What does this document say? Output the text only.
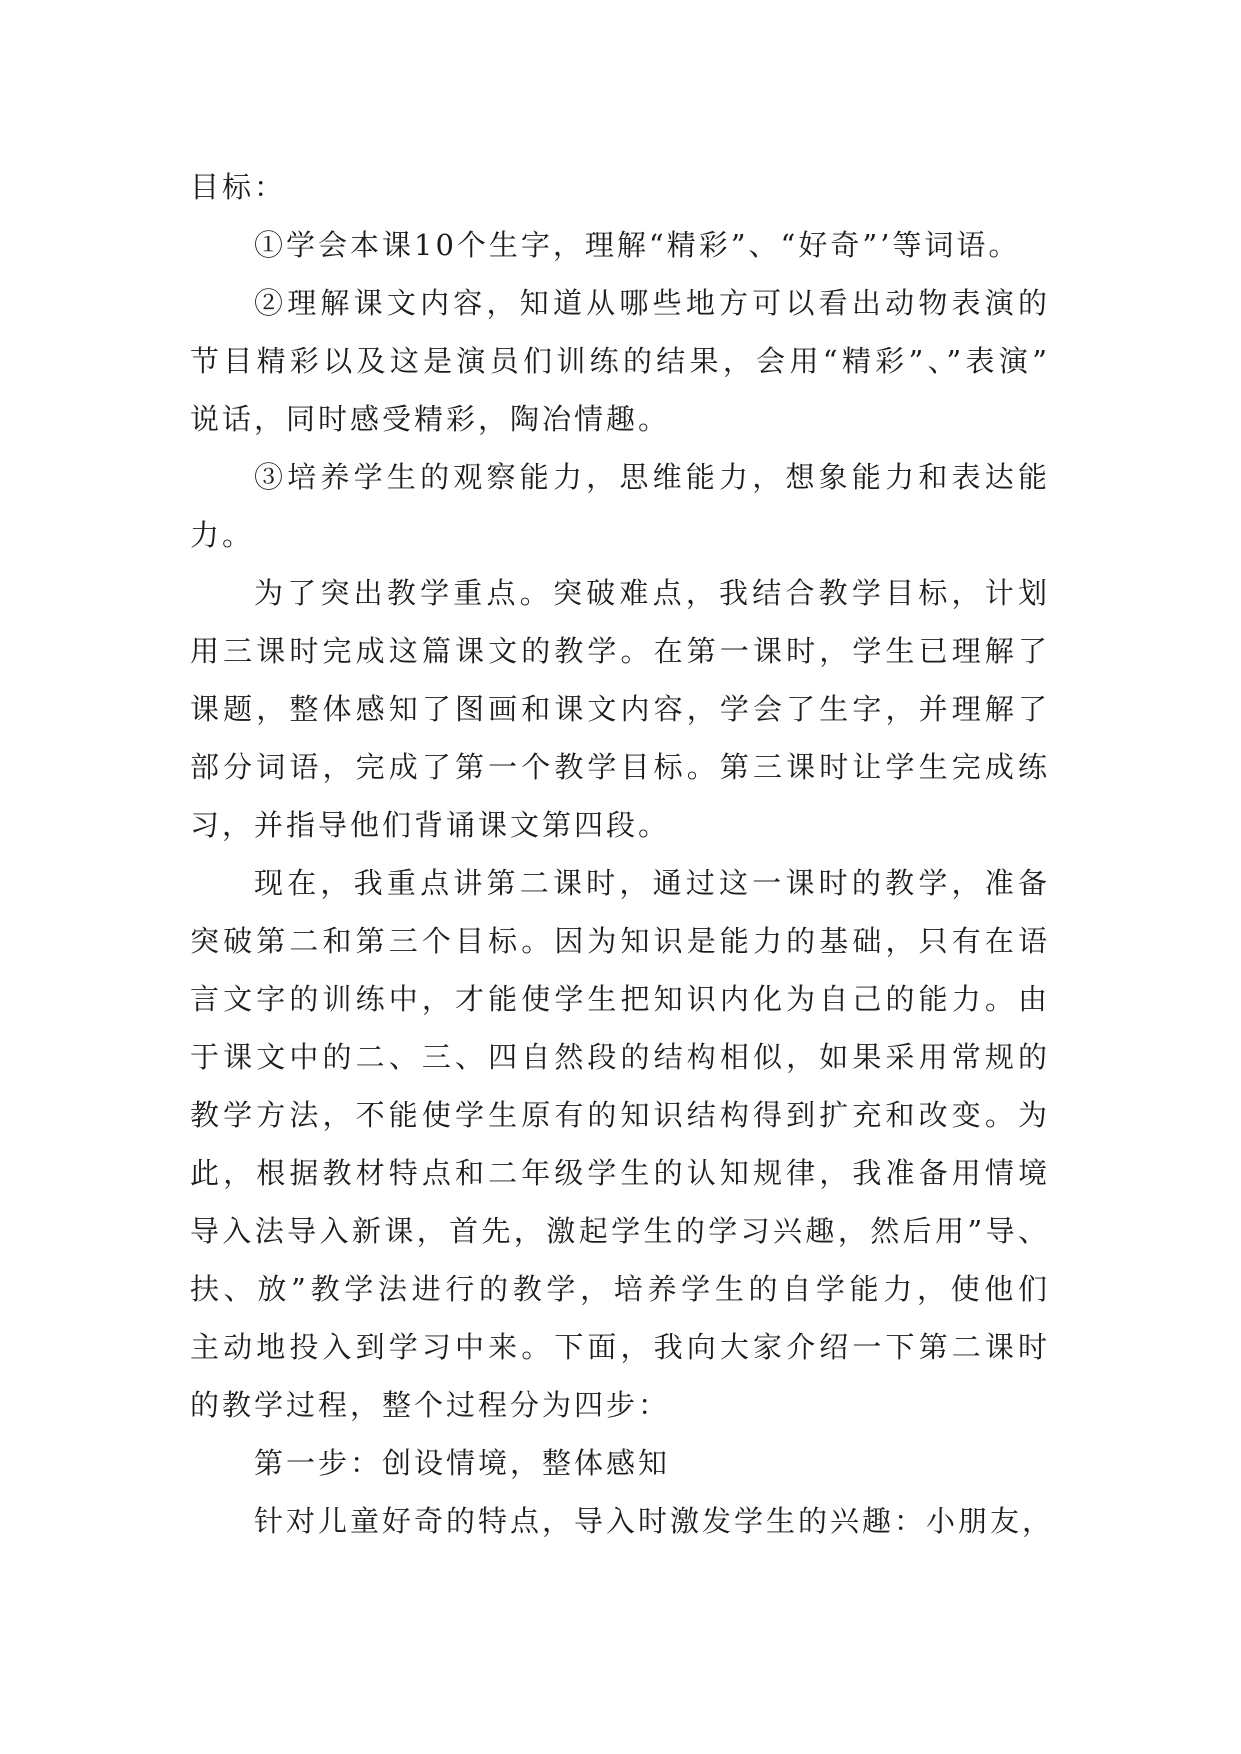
目标：
①学会本课10个生字，理解“精彩”、“好奇”’等词语。
②理解课文内容，知道从哪些地方可以看出动物表演的
节目精彩以及这是演员们训练的结果，会用“精彩”、”表演”
说话，同时感受精彩，陶冶情趣。
③培养学生的观察能力，思维能力，想象能力和表达能
力。
为了突出教学重点。突破难点，我结合教学目标，计划
用三课时完成这篇课文的教学。在第一课时，学生已理解了
课题，整体感知了图画和课文内容，学会了生字，并理解了
部分词语，完成了第一个教学目标。第三课时让学生完成练
习，并指导他们背诵课文第四段。
现在，我重点讲第二课时，通过这一课时的教学，准备
突破第二和第三个目标。因为知识是能力的基础，只有在语
言文字的训练中，才能使学生把知识内化为自己的能力。由
于课文中的二、三、四自然段的结构相似，如果采用常规的
教学方法，不能使学生原有的知识结构得到扩充和改变。为
此，根据教材特点和二年级学生的认知规律，我准备用情境
导入法导入新课，首先，激起学生的学习兴趣，然后用”导、
扶、放”教学法进行的教学，培养学生的自学能力，使他们
主动地投入到学习中来。下面，我向大家介绍一下第二课时
的教学过程，整个过程分为四步：
第一步：创设情境，整体感知
针对儿童好奇的特点，导入时激发学生的兴趣：小朋友，
